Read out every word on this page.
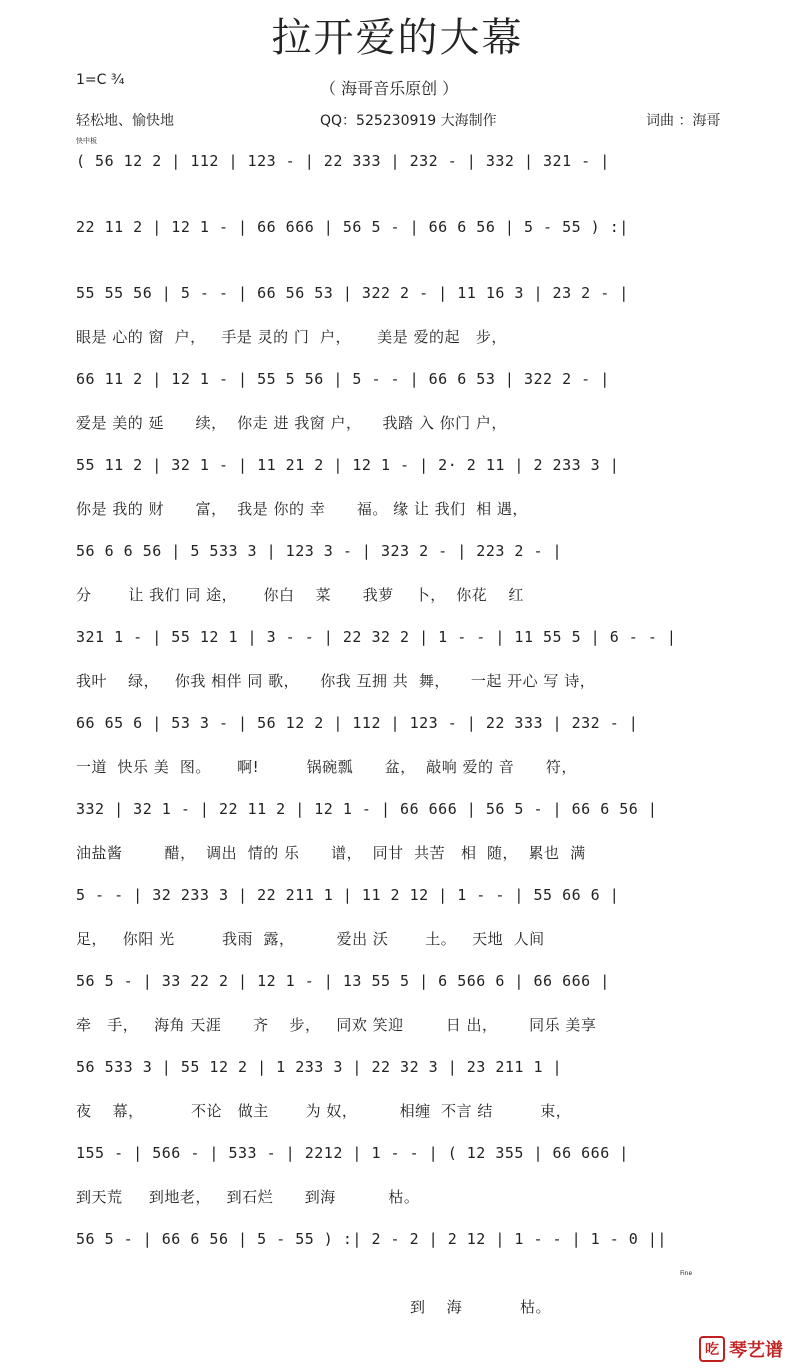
拉开爱的大幕
1=C ³⁄₄	（ 海哥音乐原创 ）
轻松地、愉快地	QQ：525230919 大海制作	词曲 ：海哥
快中板
( 56 12 2 | 112 | 123 - | 22 333 | 232 - | 332 | 321 - |
22 11 2 | 12 1 - | 66 666 | 56 5 - | 66 6 56 | 5 - 55 ) :|
55 55 56 | 5 - - | 66 56 53 | 322 2 - | 11 16 3 | 23 2 - |
眼是 心的 窗  户，   手是 灵的 门  户，     美是 爱的起   步，
66 11 2 | 12 1 - | 55 5 56 | 5 - - | 66 6 53 | 322 2 - |
爱是 美的 延      续，  你走 进 我窗 户，    我踏 入 你门 户，
55 11 2 | 32 1 - | 11 21 2 | 12 1 - | 2· 2 11 | 2 233 3 |
你是 我的 财      富，  我是 你的 幸      福。 缘 让 我们  相 遇，
56 6 6 56 | 5 533 3 | 123 3 - | 323 2 - | 223 2 - |
分       让 我们 同 途，     你白    菜      我萝    卜，  你花    红
321 1 - | 55 12 1 | 3 - - | 22 32 2 | 1 - - | 11 55 5 | 6 - - |
我叶    绿，   你我 相伴 同 歌，    你我 互拥 共  舞，    一起 开心 写 诗，
66 65 6 | 53 3 - | 56 12 2 | 112 | 123 - | 22 333 | 232 - |
一道  快乐 美  图。     啊!         锅碗瓢      盆，  敲响 爱的 音      符，
332 | 32 1 - | 22 11 2 | 12 1 - | 66 666 | 56 5 - | 66 6 56 |
油盐酱        醋，  调出  情的 乐      谱，  同甘  共苦   相  随，  累也  满
5 - - | 32 233 3 | 22 211 1 | 11 2 12 | 1 - - | 55 66 6 |
足，   你阳 光         我雨  露，        爱出 沃       土。   天地  人间
56 5 - | 33 22 2 | 12 1 - | 13 55 5 | 6 566 6 | 66 666 |
牵   手，   海角 天涯      齐    步，   同欢 笑迎        日 出，      同乐 美享
56 533 3 | 55 12 2 | 1 233 3 | 22 32 3 | 23 211 1 |
夜    幕，         不论   做主       为 奴，        相缠  不言 结         束，
155 - | 566 - | 533 - | 2212 | 1 - - | ( 12 355 | 66 666 |
到天荒     到地老，   到石烂      到海          枯。
56 5 - | 66 6 56 | 5 - 55 ) :| 2 - 2 | 2 12 | 1 - - | 1 - 0 ||
到    海           枯。
Fine
吃 琴艺谱
